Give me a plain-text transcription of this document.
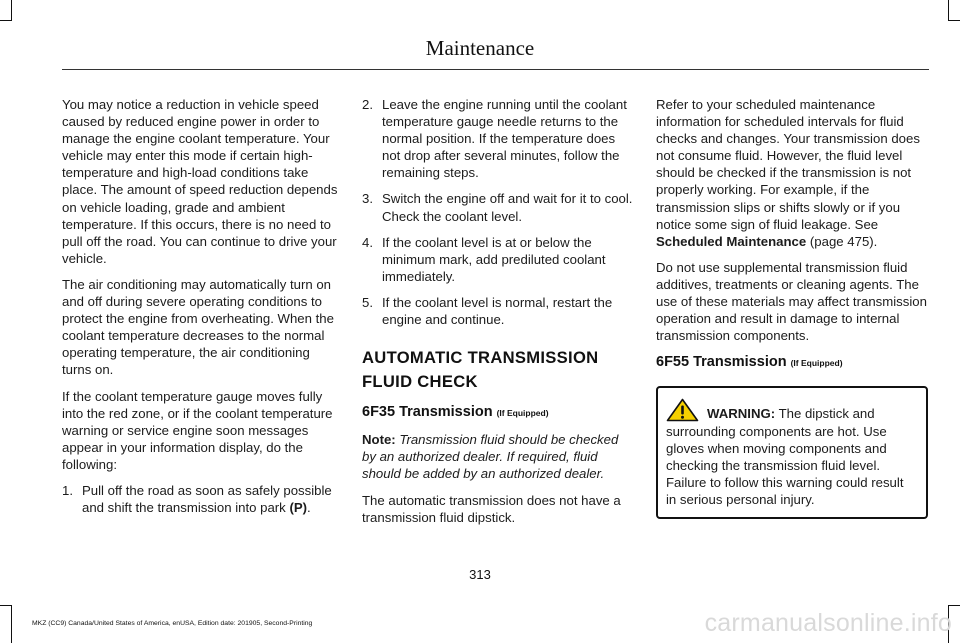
Maintenance

You may notice a reduction in vehicle speed caused by reduced engine power in order to manage the engine coolant temperature. Your vehicle may enter this mode if certain high-temperature and high-load conditions take place. The amount of speed reduction depends on vehicle loading, grade and ambient temperature. If this occurs, there is no need to pull off the road. You can continue to drive your vehicle.

The air conditioning may automatically turn on and off during severe operating conditions to protect the engine from overheating. When the coolant temperature decreases to the normal operating temperature, the air conditioning turns on.

If the coolant temperature gauge moves fully into the red zone, or if the coolant temperature warning or service engine soon messages appear in your information display, do the following:

1. Pull off the road as soon as safely possible and shift the transmission into park (P).
2. Leave the engine running until the coolant temperature gauge needle returns to the normal position. If the temperature does not drop after several minutes, follow the remaining steps.
3. Switch the engine off and wait for it to cool. Check the coolant level.
4. If the coolant level is at or below the minimum mark, add prediluted coolant immediately.
5. If the coolant level is normal, restart the engine and continue.
AUTOMATIC TRANSMISSION
FLUID CHECK
6F35 Transmission (If Equipped)

Note: Transmission fluid should be checked by an authorized dealer. If required, fluid should be added by an authorized dealer.

The automatic transmission does not have a transmission fluid dipstick.

Refer to your scheduled maintenance information for scheduled intervals for fluid checks and changes. Your transmission does not consume fluid. However, the fluid level should be checked if the transmission is not properly working. For example, if the transmission slips or shifts slowly or if you notice some sign of fluid leakage. See Scheduled Maintenance (page 475).

Do not use supplemental transmission fluid additives, treatments or cleaning agents. The use of these materials may affect transmission operation and result in damage to internal transmission components.

6F55 Transmission (If Equipped)
WARNING: The dipstick and surrounding components are hot. Use gloves when moving components and checking the transmission fluid level. Failure to follow this warning could result in serious personal injury.
313
MKZ (CC9) Canada/United States of America, enUSA, Edition date: 201905, Second-Printing	carmanualsonline.info
